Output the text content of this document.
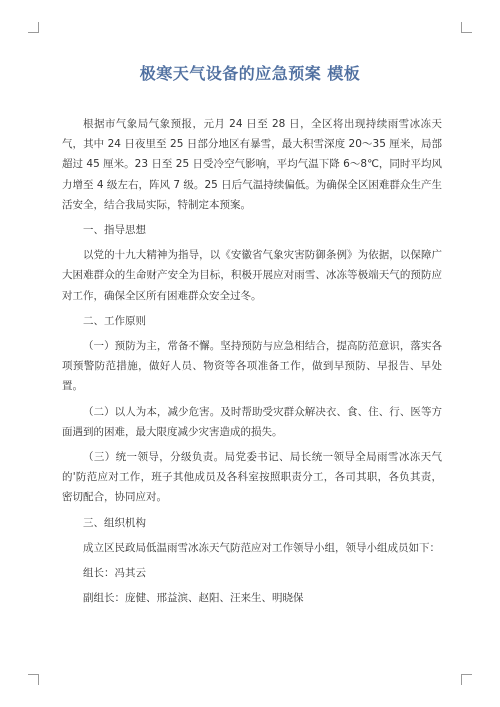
极寒天气设备的应急预案 模板

根据市气象局气象预报，元月 24 日至 28 日，全区将出现持续雨雪冰冻天气，其中 24 日夜里至 25 日部分地区有暴雪，最大积雪深度 20～35 厘米，局部超过 45 厘米。23 日至 25 日受冷空气影响，平均气温下降 6～8℃，同时平均风力增至 4 级左右，阵风 7 级。25 日后气温持续偏低。为确保全区困难群众生产生活安全，结合我局实际，特制定本预案。

一、指导思想

以党的十九大精神为指导，以《安徽省气象灾害防御条例》为依据，以保障广大困难群众的生命财产安全为目标，积极开展应对雨雪、冰冻等极端天气的预防应对工作，确保全区所有困难群众安全过冬。

二、工作原则

（一）预防为主，常备不懈。坚持预防与应急相结合，提高防范意识，落实各项预警防范措施，做好人员、物资等各项准备工作，做到早预防、早报告、早处置。

（二）以人为本，减少危害。及时帮助受灾群众解决衣、食、住、行、医等方面遇到的困难，最大限度减少灾害造成的损失。

（三）统一领导，分级负责。局党委书记、局长统一领导全局雨雪冰冻天气的'防范应对工作，班子其他成员及各科室按照职责分工，各司其职，各负其责，密切配合，协同应对。

三、组织机构

成立区民政局低温雨雪冰冻天气防范应对工作领导小组，领导小组成员如下：

组长：冯其云

副组长：庞健、邢益滨、赵阳、汪来生、明晓保
